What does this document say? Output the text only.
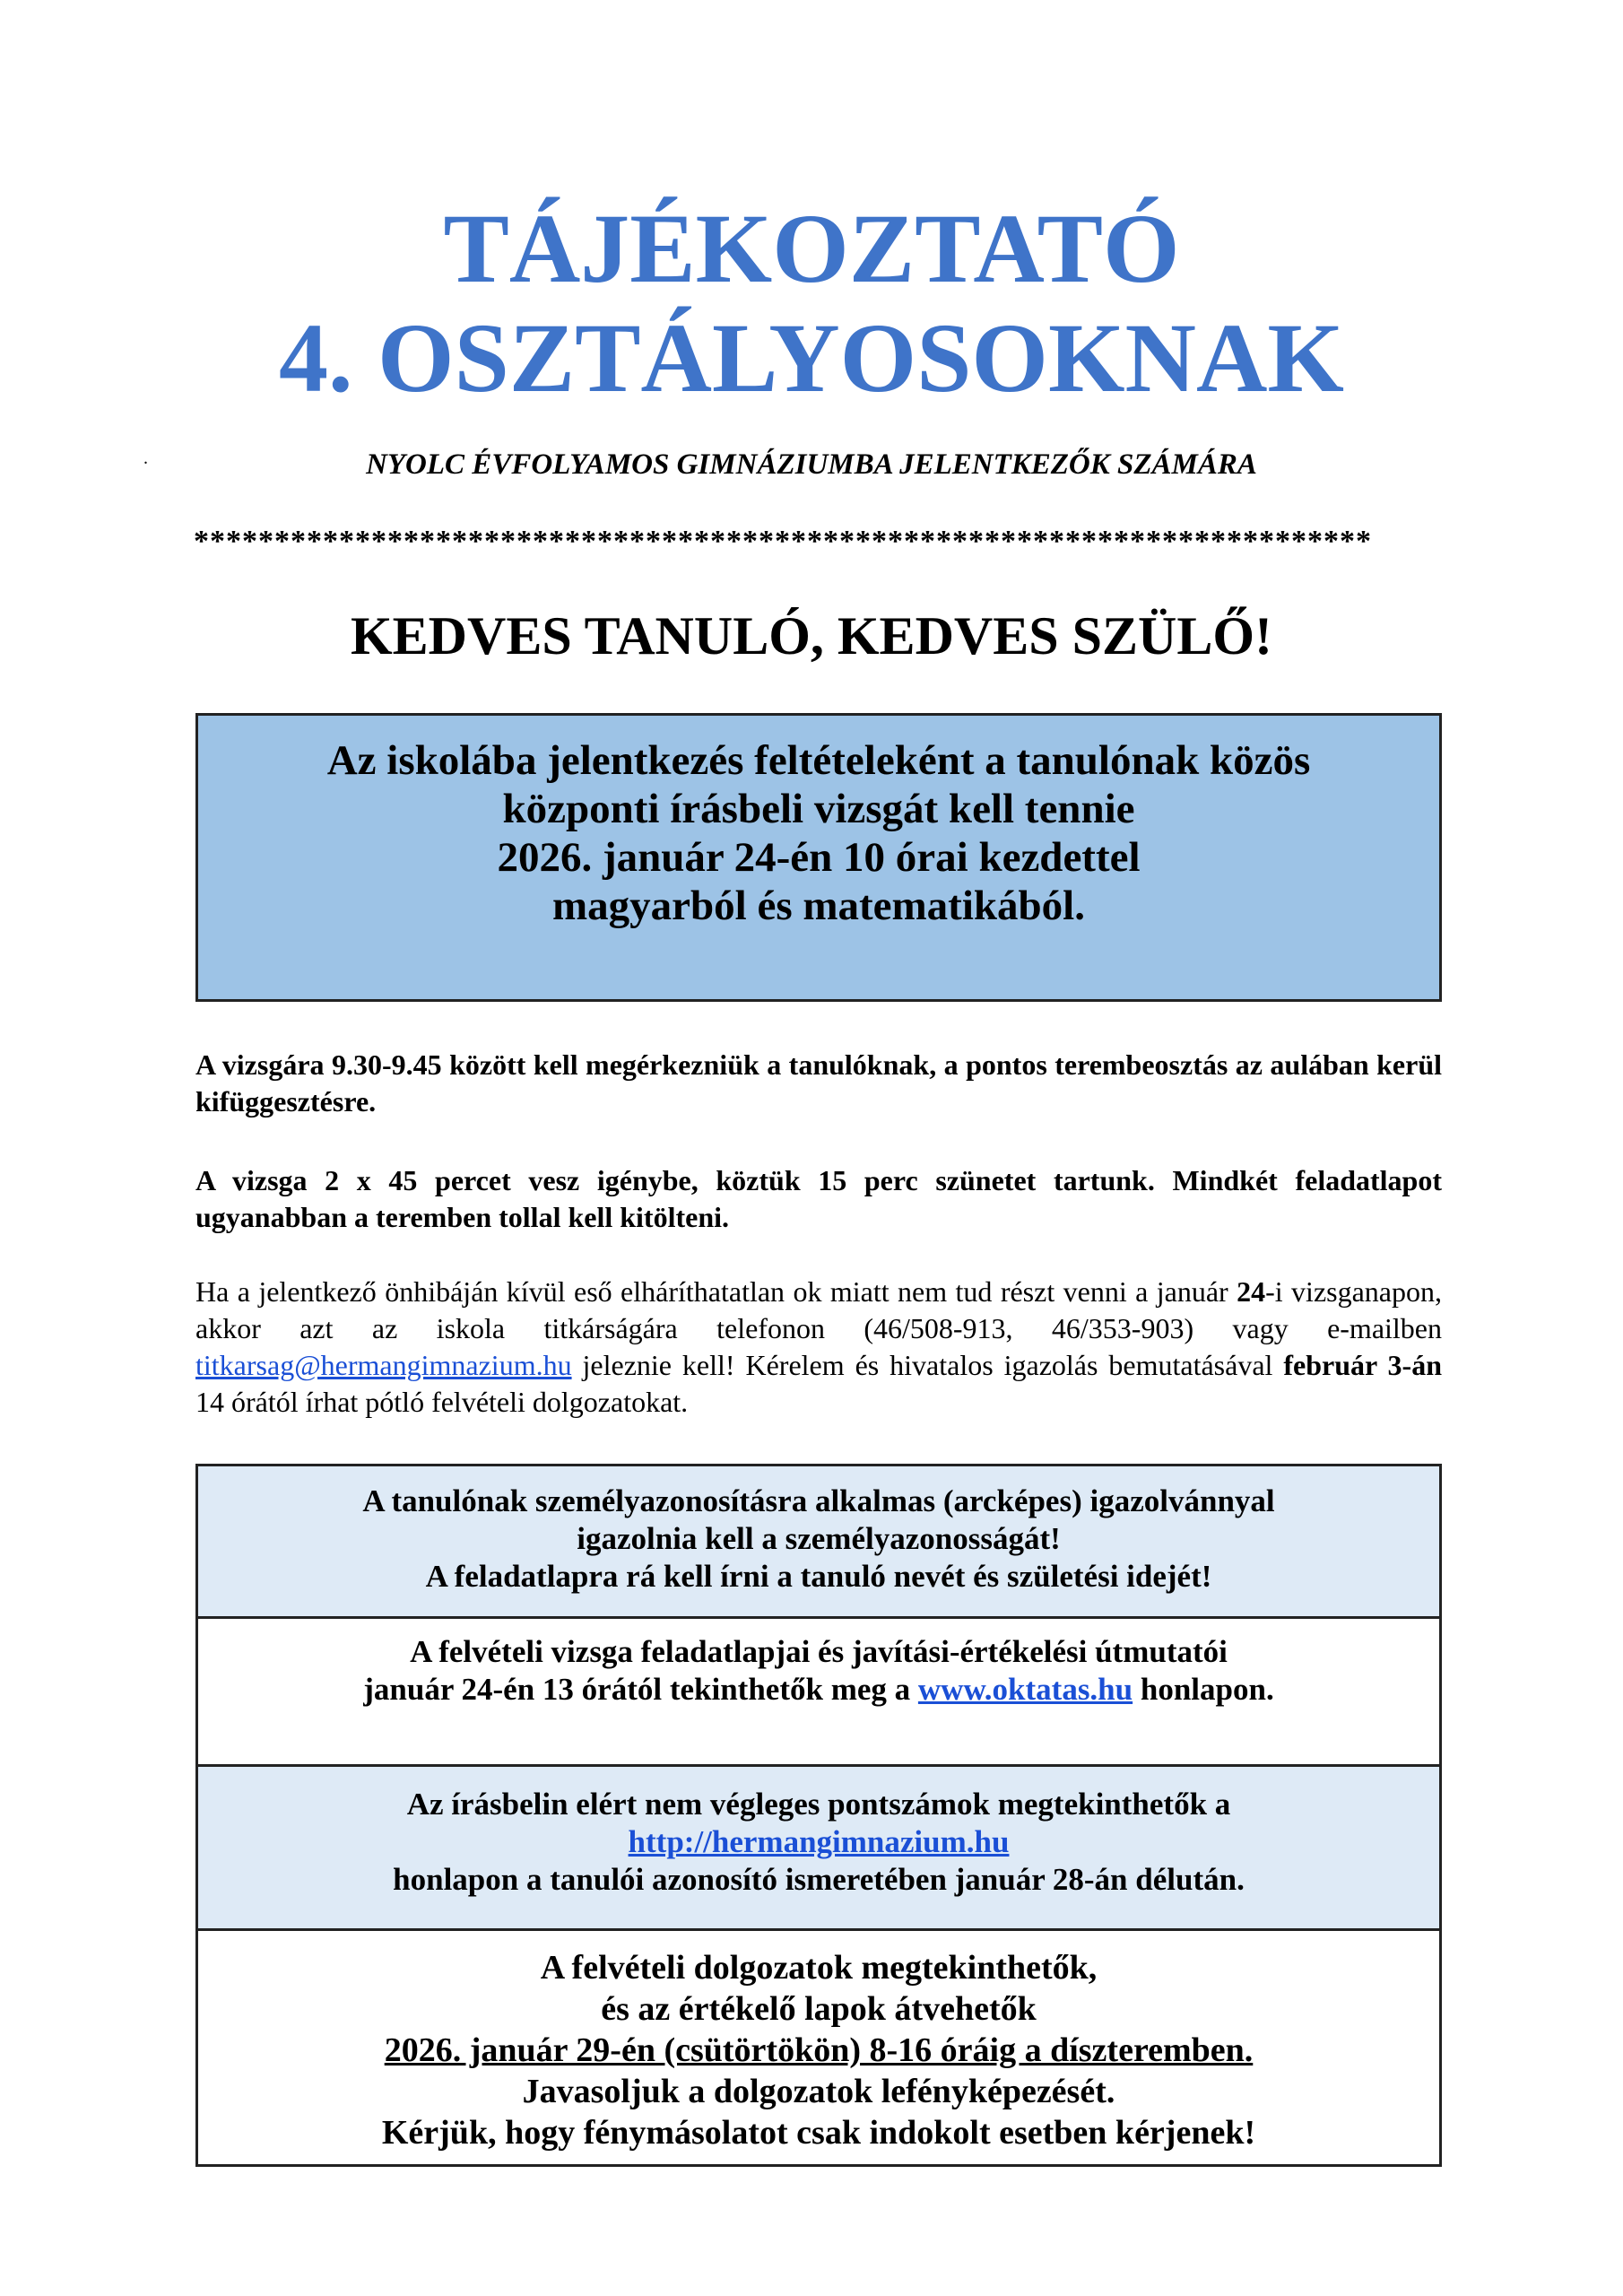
TÁJÉKOZTATÓ
4. OSZTÁLYOSOKNAK
.	NYOLC ÉVFOLYAMOS GIMNÁZIUMBA JELENTKEZŐK SZÁMÁRA
*************************************************************************
KEDVES TANULÓ, KEDVES SZÜLŐ!
Az iskolába jelentkezés feltételeként a tanulónak közös
központi írásbeli vizsgát kell tennie
2026. január 24-én 10 órai kezdettel
magyarból és matematikából.
A vizsgára 9.30-9.45 között kell megérkezniük a tanulóknak, a pontos terembeosztás az aulában kerül kifüggesztésre.
A vizsga 2 x 45 percet vesz igénybe, köztük 15 perc szünetet tartunk. Mindkét feladatlapot ugyanabban a teremben tollal kell kitölteni.
Ha a jelentkező önhibáján kívül eső elháríthatatlan ok miatt nem tud részt venni a január 24-i vizsganapon, akkor azt az iskola titkárságára telefonon (46/508-913, 46/353-903) vagy e-mailben titkarsag@hermangimnazium.hu jeleznie kell! Kérelem és hivatalos igazolás bemutatásával február 3-án 14 órától írhat pótló felvételi dolgozatokat.
A tanulónak személyazonosításra alkalmas (arcképes) igazolvánnyal
igazolnia kell a személyazonosságát!
A feladatlapra rá kell írni a tanuló nevét és születési idejét!
A felvételi vizsga feladatlapjai és javítási-értékelési útmutatói
január 24-én 13 órától tekinthetők meg a www.oktatas.hu honlapon.
Az írásbelin elért nem végleges pontszámok megtekinthetők a
http://hermangimnazium.hu
honlapon a tanulói azonosító ismeretében január 28-án délután.
A felvételi dolgozatok megtekinthetők,
és az értékelő lapok átvehetők
2026. január 29-én (csütörtökön) 8-16 óráig a díszteremben.
Javasoljuk a dolgozatok lefényképezését.
Kérjük, hogy fénymásolatot csak indokolt esetben kérjenek!
